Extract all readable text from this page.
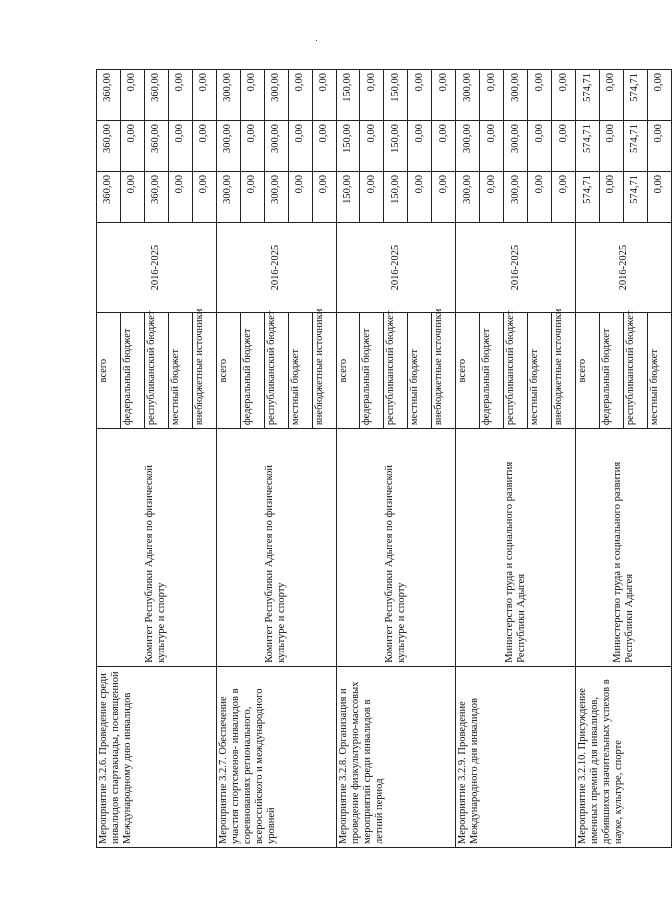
Мероприятие 3.2.6. Проведение среди инвалидов спартакиады, посвященной Международному дню инвалидов	Комитет Республики Адыгея по физической культуре и спорту	всего	2016-2025	360,00	360,00	360,00
		федеральный бюджет		0,00	0,00	0,00
		республиканский бюджет		360,00	360,00	360,00
		местный бюджет		0,00	0,00	0,00
		внебюджетные источники		0,00	0,00	0,00
Мероприятие 3.2.7. Обеспечение участия спортсменов- инвалидов в соревнованиях регионального, всероссийского и международного уровней	Комитет Республики Адыгея по физической культуре и спорту	всего	2016-2025	300,00	300,00	300,00
		федеральный бюджет		0,00	0,00	0,00
		республиканский бюджет		300,00	300,00	300,00
		местный бюджет		0,00	0,00	0,00
		внебюджетные источники		0,00	0,00	0,00
Мероприятие 3.2.8. Организация и проведение физкультурно-массовых мероприятий среди инвалидов в летний период	Комитет Республики Адыгея по физической культуре и спорту	всего	2016-2025	150,00	150,00	150,00
		федеральный бюджет		0,00	0,00	0,00
		республиканский бюджет		150,00	150,00	150,00
		местный бюджет		0,00	0,00	0,00
		внебюджетные источники		0,00	0,00	0,00
Мероприятие 3.2.9. Проведение Международного дня инвалидов	Министерство труда и социального развития Республики Адыгея	всего	2016-2025	300,00	300,00	300,00
		федеральный бюджет		0,00	0,00	0,00
		республиканский бюджет		300,00	300,00	300,00
		местный бюджет		0,00	0,00	0,00
		внебюджетные источники		0,00	0,00	0,00
Мероприятие 3.2.10. Присуждение именных премий для инвалидов, добившихся значительных успехов в науке, культуре, спорте	Министерство труда и социального развития Республики Адыгея	всего	2016-2025	574,71	574,71	574,71
		федеральный бюджет		0,00	0,00	0,00
		республиканский бюджет		574,71	574,71	574,71
		местный бюджет		0,00	0,00	0,00
